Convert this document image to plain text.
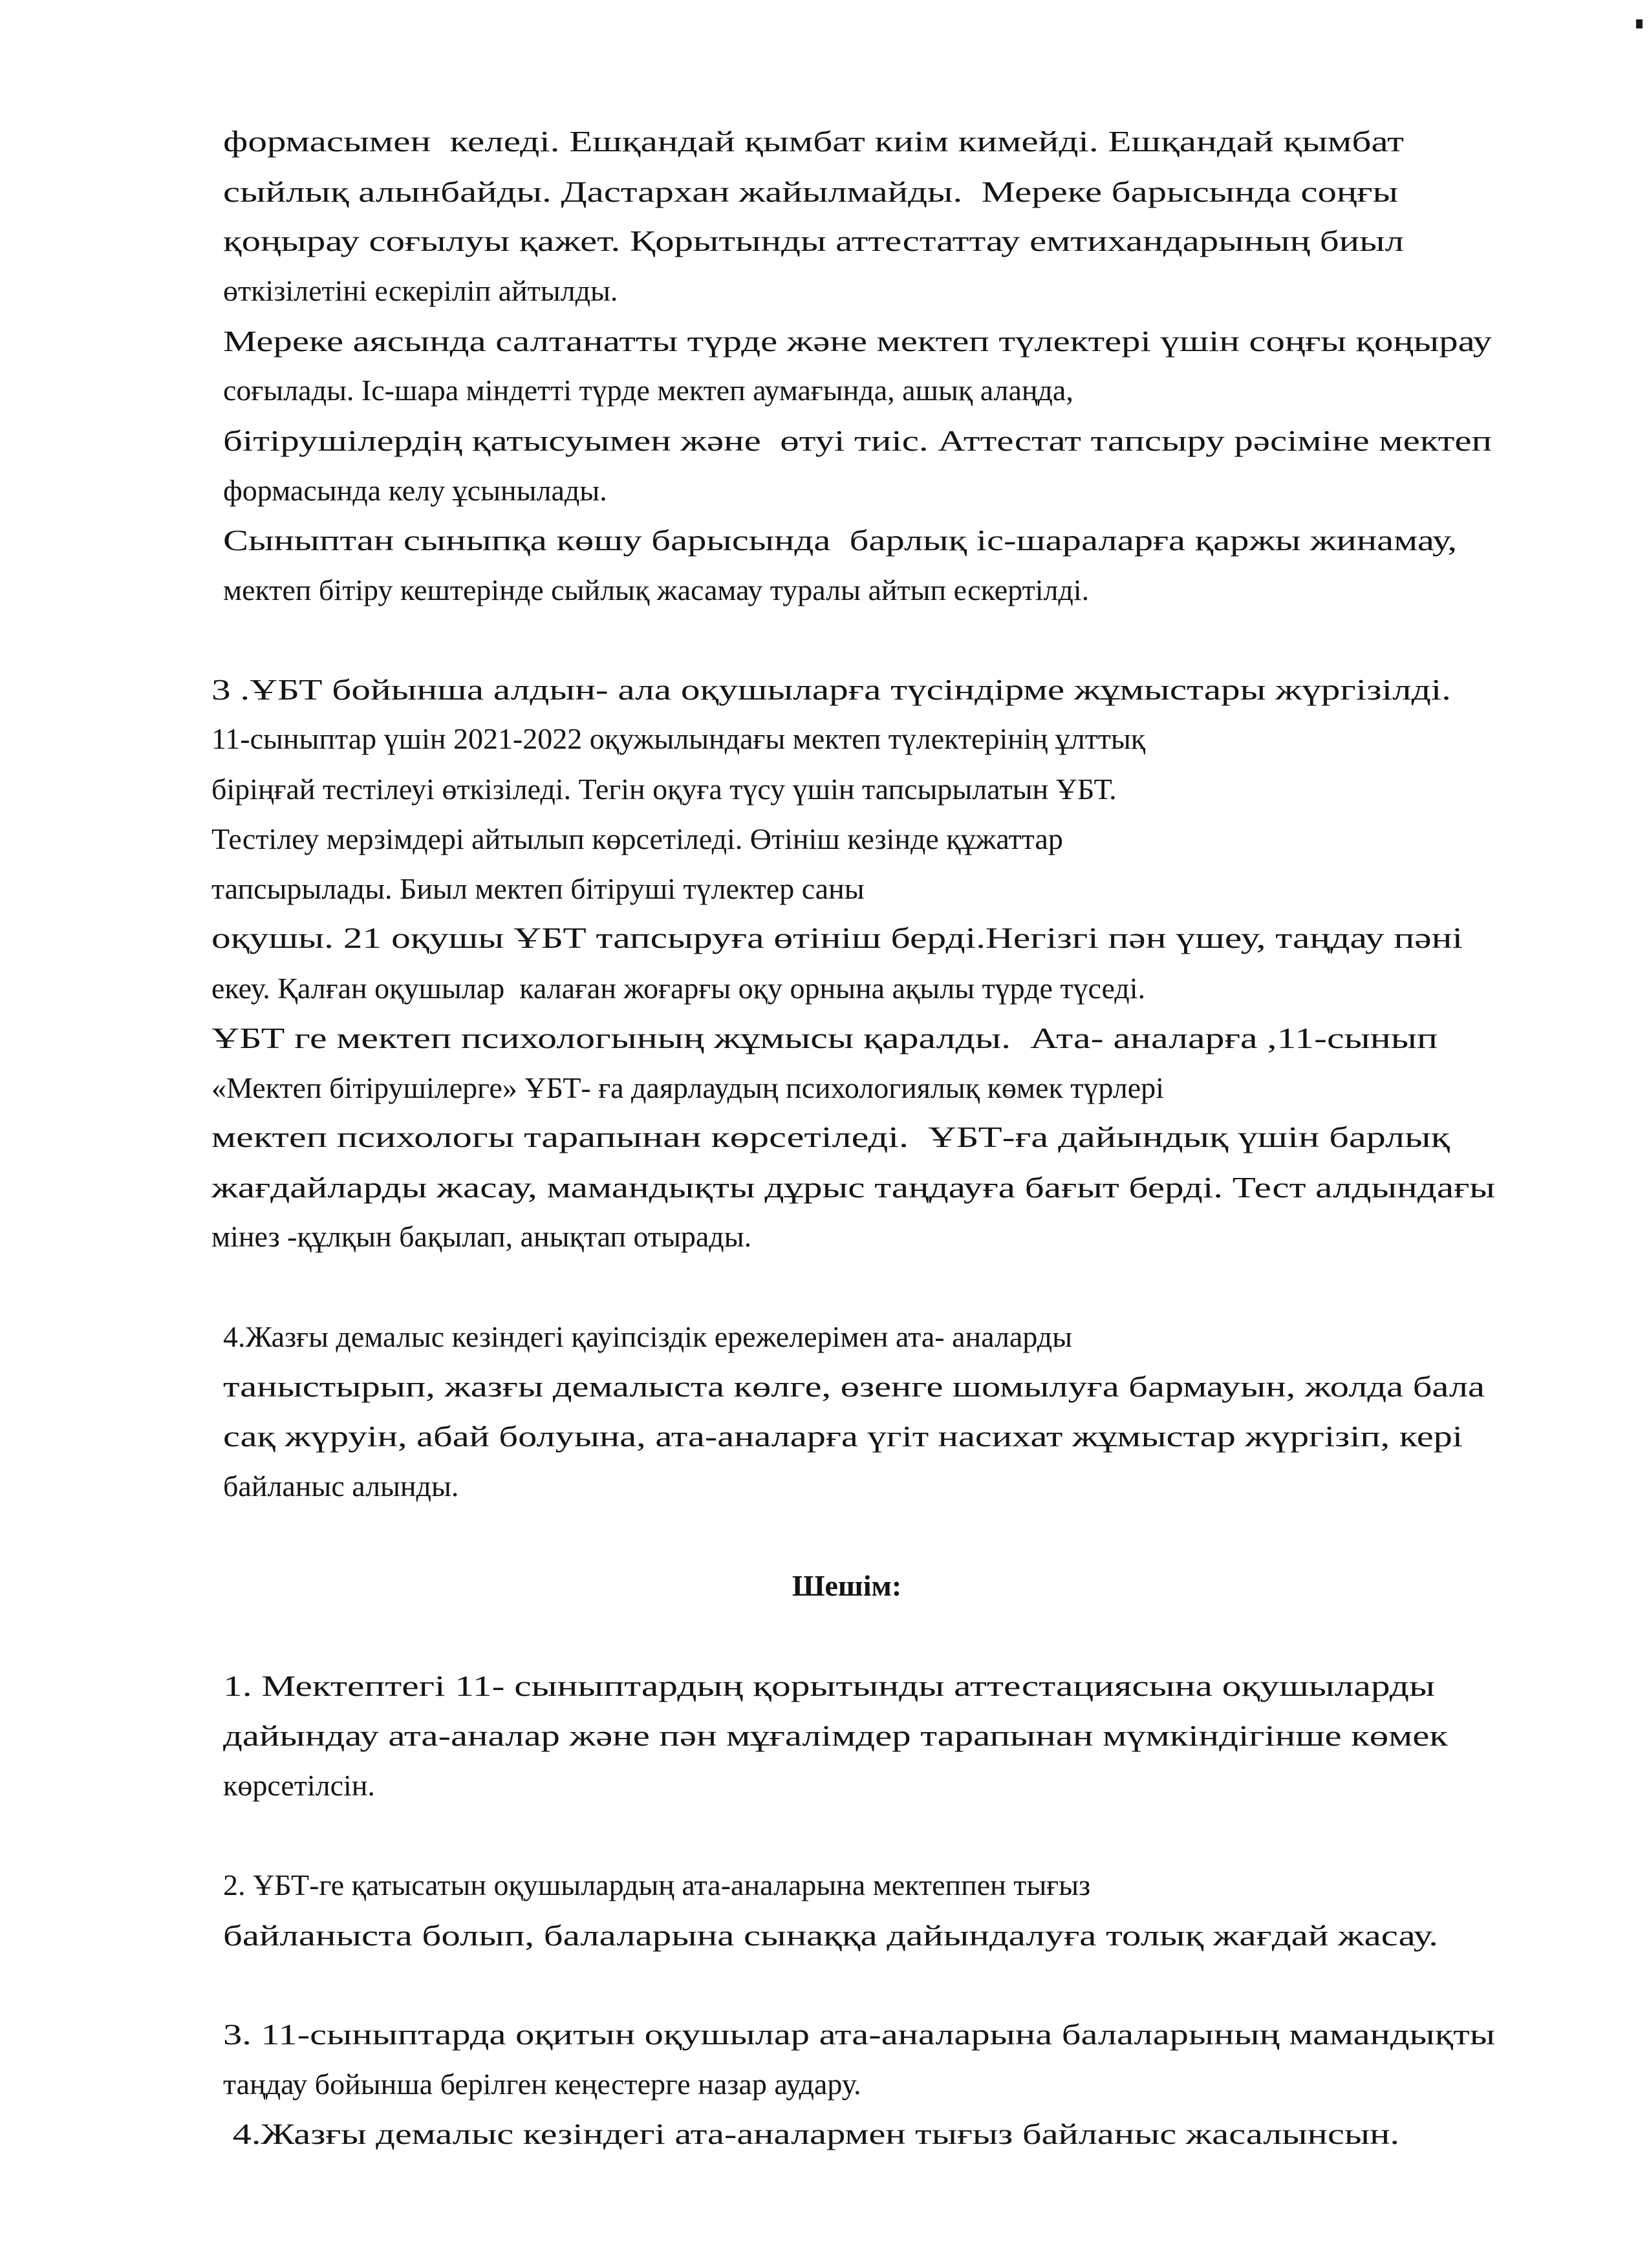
формасымен  келеді. Ешқандай қымбат киім кимейді. Ешқандай қымбат
сыйлық алынбайды. Дастархан жайылмайды.  Мереке барысында соңғы
қоңырау соғылуы қажет. Қорытынды аттестаттау емтихандарының биыл
өткізілетіні ескеріліп айтылды.
Мереке аясында салтанатты түрде және мектеп түлектері үшін соңғы қоңырау
соғылады. Іс-шара міндетті түрде мектеп аумағында, ашық алаңда,
бітірушілердің қатысуымен және  өтуі тиіс. Аттестат тапсыру рәсіміне мектеп
формасында келу ұсынылады.
Сыныптан сыныпқа көшу барысында  барлық іс-шараларға қаржы жинамау,
мектеп бітіру кештерінде сыйлық жасамау туралы айтып ескертілді.
3 .ҰБТ бойынша алдын- ала оқушыларға түсіндірме жұмыстары жүргізілді.
11-сыныптар үшін 2021-2022 оқужылындағы мектеп түлектерінің ұлттық
біріңғай тестілеуі өткізіледі. Тегін оқуға түсу үшін тапсырылатын ҰБТ.
Тестілеу мерзімдері айтылып көрсетіледі. Өтініш кезінде құжаттар
тапсырылады. Биыл мектеп бітіруші түлектер саны
оқушы. 21 оқушы ҰБТ тапсыруға өтініш берді.Негізгі пән үшеу, таңдау пәні
екеу. Қалған оқушылар  калаған жоғарғы оқу орнына ақылы түрде түседі.
ҰБТ ге мектеп психологының жұмысы қаралды.  Ата- аналарға ,11-сынып
«Мектеп бітірушілерге» ҰБТ- ға даярлаудың психологиялық көмек түрлері
мектеп психологы тарапынан көрсетіледі.  ҰБТ-ға дайындық үшін барлық
жағдайларды жасау, мамандықты дұрыс таңдауға бағыт берді. Тест алдындағы
мінез -құлқын бақылап, анықтап отырады.
4.Жазғы демалыс кезіндегі қауіпсіздік ережелерімен ата- аналарды
таныстырып, жазғы демалыста көлге, өзенге шомылуға бармауын, жолда бала
сақ жүруін, абай болуына, ата-аналарға үгіт насихат жұмыстар жүргізіп, кері
байланыс алынды.
Шешім:
1. Мектептегі 11- сыныптардың қорытынды аттестациясына оқушыларды
дайындау ата-аналар және пән мұғалімдер тарапынан мүмкіндігінше көмек
көрсетілсін.
2. ҰБТ-ге қатысатын оқушылардың ата-аналарына мектеппен тығыз
байланыста болып, балаларына сынаққа дайындалуға толық жағдай жасау.
3. 11-сыныптарда оқитын оқушылар ата-аналарына балаларының мамандықты
таңдау бойынша берілген кеңестерге назар аудару.
4.Жазғы демалыс кезіндегі ата-аналармен тығыз байланыс жасалынсын.
